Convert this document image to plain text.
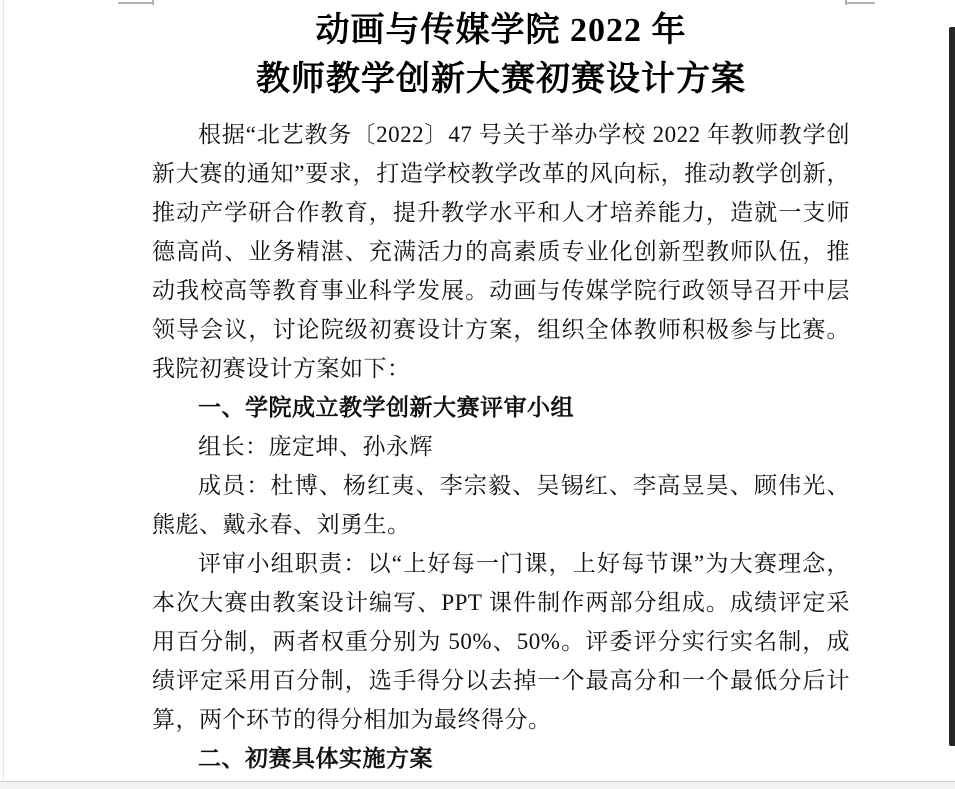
动画与传媒学院 2022 年
教师教学创新大赛初赛设计方案

根据“北艺教务〔2022〕47 号关于举办学校 2022 年教师教学创新大赛的通知”要求，打造学校教学改革的风向标，推动教学创新，推动产学研合作教育，提升教学水平和人才培养能力，造就一支师德高尚、业务精湛、充满活力的高素质专业化创新型教师队伍，推动我校高等教育事业科学发展。动画与传媒学院行政领导召开中层领导会议，讨论院级初赛设计方案，组织全体教师积极参与比赛。我院初赛设计方案如下：

一、学院成立教学创新大赛评审小组

组长：庞定坤、孙永辉

成员：杜博、杨红夷、李宗毅、吴锡红、李高昱昊、顾伟光、熊彪、戴永春、刘勇生。

评审小组职责：以“上好每一门课，上好每节课”为大赛理念，本次大赛由教案设计编写、PPT 课件制作两部分组成。成绩评定采用百分制，两者权重分别为 50%、50%。评委评分实行实名制，成绩评定采用百分制，选手得分以去掉一个最高分和一个最低分后计算，两个环节的得分相加为最终得分。

二、初赛具体实施方案
